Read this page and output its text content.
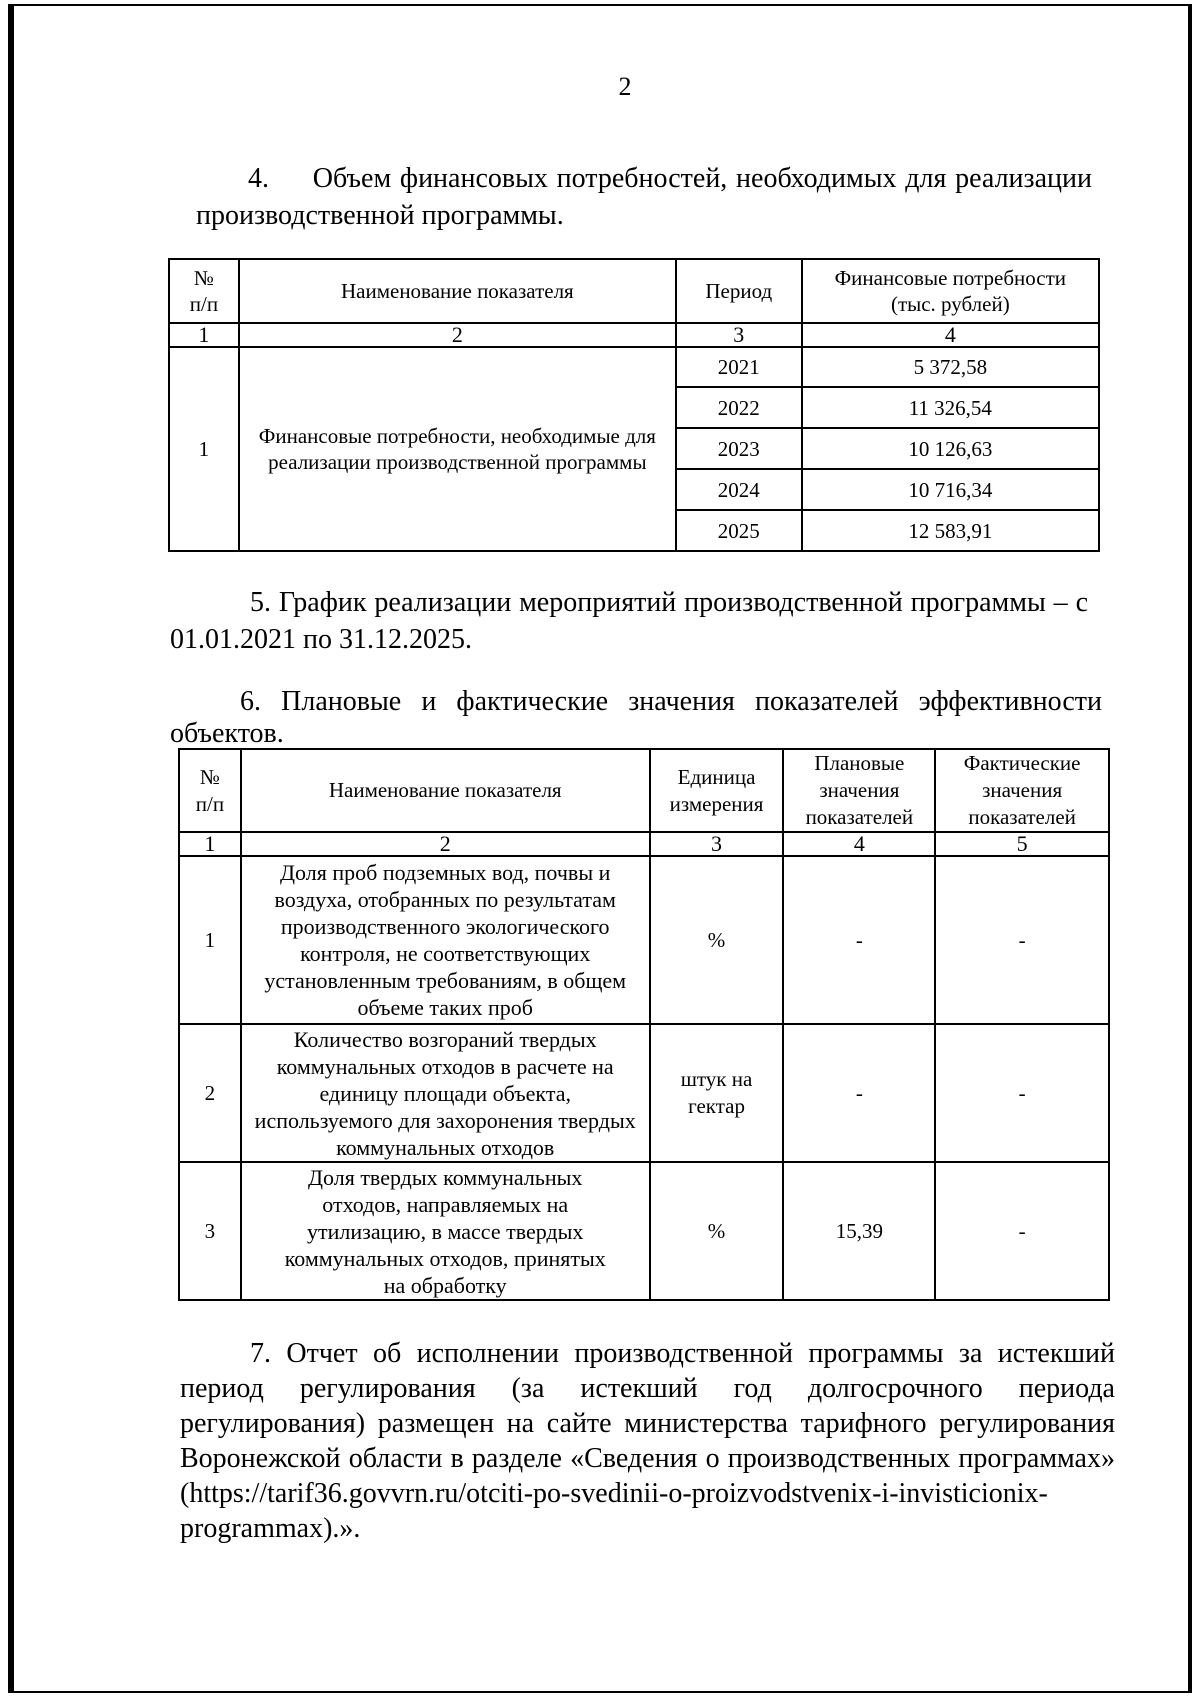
2
4. Объем финансовых потребностей, необходимых для реализации
производственной программы.
№
п/п	Наименование показателя	Период	Финансовые потребности
(тыс. рублей)
1	2	3	4
1	Финансовые потребности, необходимые для реализации производственной программы	2021	5 372,58
		2022	11 326,54
		2023	10 126,63
		2024	10 716,34
		2025	12 583,91
5. График реализации мероприятий производственной программы – с
01.01.2021 по 31.12.2025.
6. Плановые и фактические значения показателей эффективности
объектов.
№
п/п	Наименование показателя	Единица измерения	Плановые значения показателей	Фактические значения показателей
1	2	3	4	5
1	Доля проб подземных вод, почвы и воздуха, отобранных по результатам производственного экологического контроля, не соответствующих установленным требованиям, в общем объеме таких проб	%	-	-
2	Количество возгораний твердых коммунальных отходов в расчете на единицу площади объекта, используемого для захоронения твердых коммунальных отходов	штук на гектар	-	-
3	Доля твердых коммунальных отходов, направляемых на утилизацию, в массе твердых коммунальных отходов, принятых на обработку	%	15,39	-
7. Отчет об исполнении производственной программы за истекший
период регулирования (за истекший год долгосрочного периода
регулирования) размещен на сайте министерства тарифного регулирования
Воронежской области в разделе «Сведения о производственных программах»
(https://tarif36.govvrn.ru/otciti-po-svedinii-o-proizvodstvenix-i-invisticionix-
programmax).».
